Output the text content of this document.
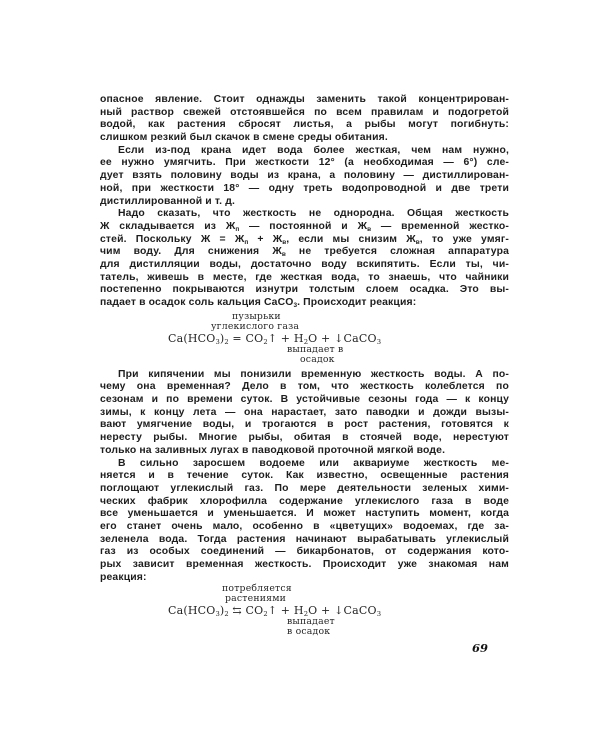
опасное явление. Стоит однажды заменить такой концентрирован-
ный раствор свежей отстоявшейся по всем правилам и подогретой
водой, как растения сбросят листья, а рыбы могут погибнуть:
слишком резкий был скачок в смене среды обитания.
Если из-под крана идет вода более жесткая, чем нам нужно,
ее нужно умягчить. При жесткости 12° (а необходимая — 6°) сле-
дует взять половину воды из крана, а половину — дистиллирован-
ной, при жесткости 18° — одну треть водопроводной и две трети
дистиллированной и т. д.
Надо сказать, что жесткость не однородна. Общая жесткость
Ж складывается из $Ж_п$ — постоянной и $Ж_в$ — временной жестко-
стей. Поскольку $Ж = Ж_п + Ж_в$, если мы снизим $Ж_в$, то уже умяг-
чим воду. Для снижения $Ж_в$ не требуется сложная аппаратура
для дистилляции воды, достаточно воду вскипятить. Если ты, чи-
татель, живешь в месте, где жесткая вода, то знаешь, что чайники
постепенно покрываются изнутри толстым слоем осадка. Это вы-
падает в осадок соль кальция CaCO$_3$. Происходит реакция:
пузырьки
углекислого газа
$Ca(HCO_3)_2$ = $CO_2↑ + H_2O$ + ↓CaCO$_3$
выпадает в
осадок
При кипячении мы понизили временную жесткость воды. А по-
чему она временная? Дело в том, что жесткость колеблется по
сезонам и по времени суток. В устойчивые сезоны года — к концу
зимы, к концу лета — она нарастает, зато паводки и дожди вызы-
вают умягчение воды, и трогаются в рост растения, готовятся к
нересту рыбы. Многие рыбы, обитая в стоячей воде, нерестуют
только на заливных лугах в паводковой проточной мягкой воде.
В сильно заросшем водоеме или аквариуме жесткость ме-
няется и в течение суток. Как известно, освещенные растения
поглощают углекислый газ. По мере деятельности зеленых хими-
ческих фабрик хлорофилла содержание углекислого газа в воде
все уменьшается и уменьшается. И может наступить момент, когда
его станет очень мало, особенно в «цветущих» водоемах, где за-
зеленела вода. Тогда растения начинают вырабатывать углекислый
газ из особых соединений — бикарбонатов, от содержания кото-
рых зависит временная жесткость. Происходит уже знакомая нам
реакция:
потребляется
растениями
$Ca(HCO_3)_2$ ⇆ $CO_2↑ + H_2O$ + ↓CaCO$_3$
выпадает
в осадок
69
